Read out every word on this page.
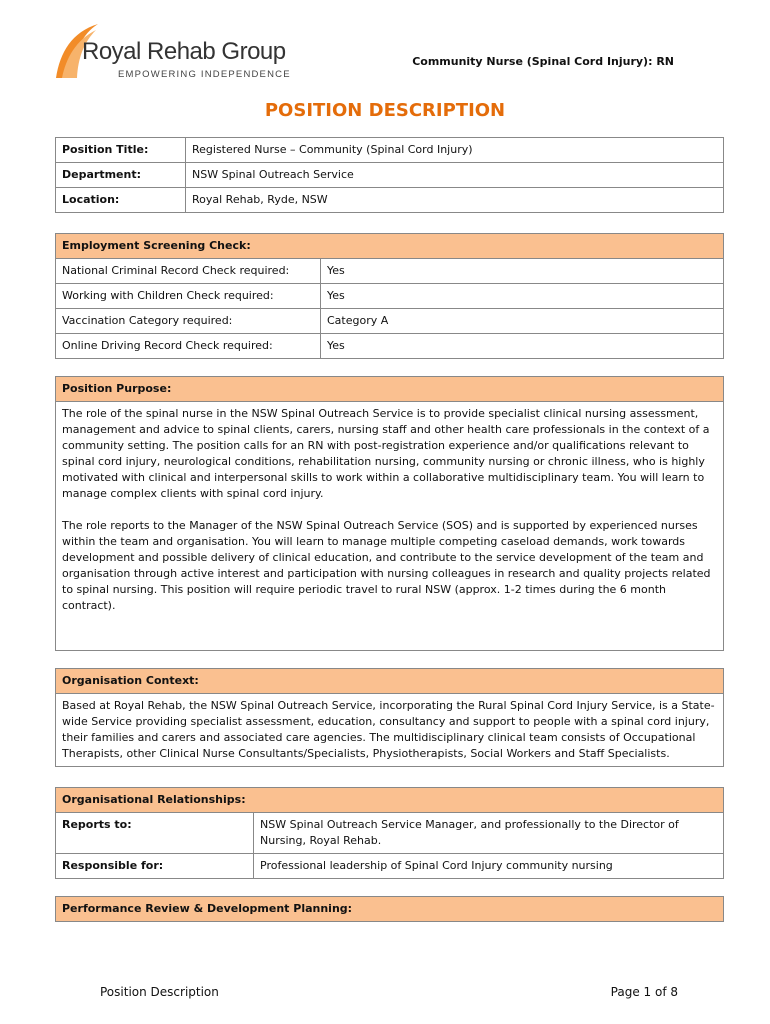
Royal Rehab Group
EMPOWERING INDEPENDENCE
Community Nurse (Spinal Cord Injury): RN
POSITION DESCRIPTION
Position Title:	Registered Nurse – Community (Spinal Cord Injury)
Department:	NSW Spinal Outreach Service
Location:	Royal Rehab, Ryde, NSW
Employment Screening Check:	
National Criminal Record Check required:	Yes
Working with Children Check required:	Yes
Vaccination Category required:	Category A
Online Driving Record Check required:	Yes
Position Purpose:

The role of the spinal nurse in the NSW Spinal Outreach Service is to provide specialist clinical nursing assessment, management and advice to spinal clients, carers, nursing staff and other health care professionals in the context of a community setting. The position calls for an RN with post-registration experience and/or qualifications relevant to spinal cord injury, neurological conditions, rehabilitation nursing, community nursing or chronic illness, who is highly motivated with clinical and interpersonal skills to work within a collaborative multidisciplinary team. You will learn to manage complex clients with spinal cord injury.

The role reports to the Manager of the NSW Spinal Outreach Service (SOS) and is supported by experienced nurses within the team and organisation. You will learn to manage multiple competing caseload demands, work towards development and possible delivery of clinical education, and contribute to the service development of the team and organisation through active interest and participation with nursing colleagues in research and quality projects related to spinal nursing. This position will require periodic travel to rural NSW (approx. 1-2 times during the 6 month contract).

Organisation Context:
Based at Royal Rehab, the NSW Spinal Outreach Service, incorporating the Rural Spinal Cord Injury Service, is a State-wide Service providing specialist assessment, education, consultancy and support to people with a spinal cord injury, their families and carers and associated care agencies. The multidisciplinary clinical team consists of Occupational Therapists, other Clinical Nurse Consultants/Specialists, Physiotherapists, Social Workers and Staff Specialists.
Organisational Relationships:	
Reports to:	NSW Spinal Outreach Service Manager, and professionally to the Director of Nursing, Royal Rehab.
Responsible for:	Professional leadership of Spinal Cord Injury community nursing
Performance Review & Development Planning:
Position Description	Page 1 of 8
